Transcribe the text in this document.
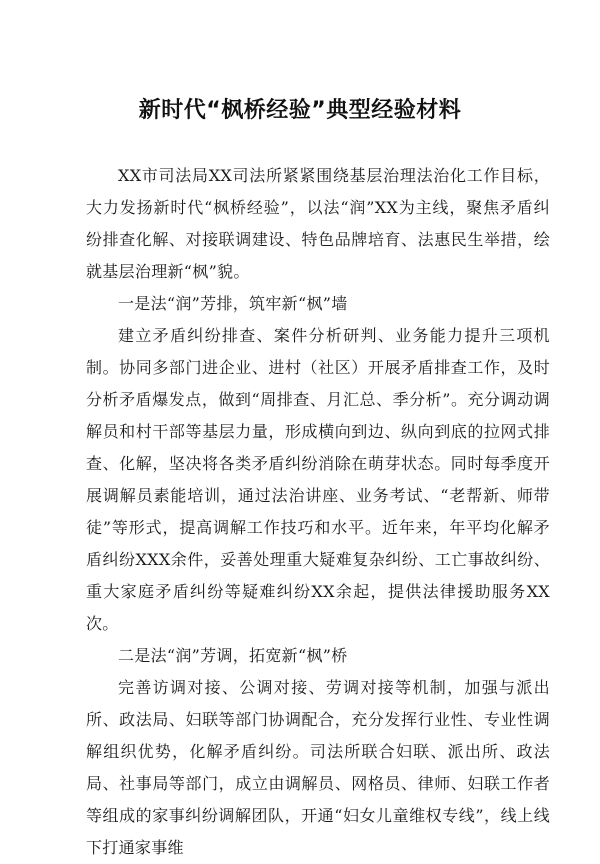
新时代“枫桥经验”典型经验材料

XX市司法局XX司法所紧紧围绕基层治理法治化工作目标，大力发扬新时代“枫桥经验”，以法“润”XX为主线，聚焦矛盾纠纷排查化解、对接联调建设、特色品牌培育、法惠民生举措，绘就基层治理新“枫”貌。

一是法“润”芳排，筑牢新“枫”墙

建立矛盾纠纷排查、案件分析研判、业务能力提升三项机制。协同多部门进企业、进村（社区）开展矛盾排查工作，及时分析矛盾爆发点，做到“周排查、月汇总、季分析”。充分调动调解员和村干部等基层力量，形成横向到边、纵向到底的拉网式排查、化解，坚决将各类矛盾纠纷消除在萌芽状态。同时每季度开展调解员素能培训，通过法治讲座、业务考试、“老帮新、师带徒”等形式，提高调解工作技巧和水平。近年来，年平均化解矛盾纠纷XXX余件，妥善处理重大疑难复杂纠纷、工亡事故纠纷、重大家庭矛盾纠纷等疑难纠纷XX余起，提供法律援助服务XX次。

二是法“润”芳调，拓宽新“枫”桥

完善访调对接、公调对接、劳调对接等机制，加强与派出所、政法局、妇联等部门协调配合，充分发挥行业性、专业性调解组织优势，化解矛盾纠纷。司法所联合妇联、派出所、政法局、社事局等部门，成立由调解员、网格员、律师、妇联工作者等组成的家事纠纷调解团队，开通“妇女儿童维权专线”，线上线下打通家事维
